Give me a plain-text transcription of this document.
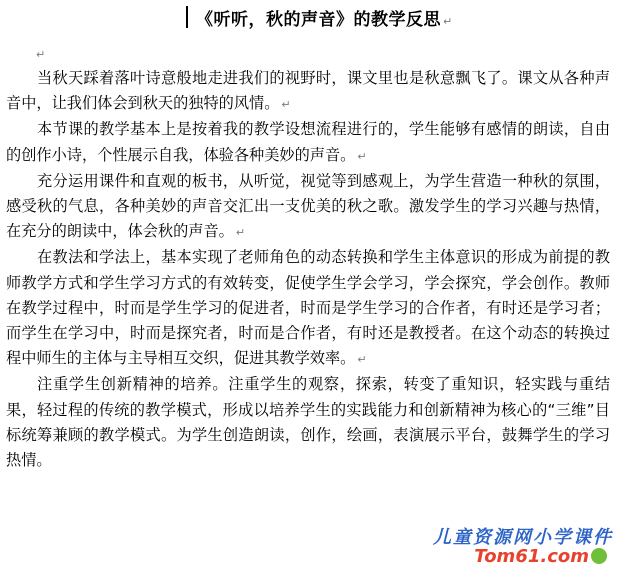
《听听，秋的声音》的教学反思 ↵
↵

当秋天踩着落叶诗意般地走进我们的视野时，课文里也是秋意飘飞了。课文从各种声音中，让我们体会到秋天的独特的风情。 ↵

本节课的教学基本上是按着我的教学设想流程进行的，学生能够有感情的朗读，自由的创作小诗，个性展示自我，体验各种美妙的声音。 ↵

充分运用课件和直观的板书，从听觉，视觉等到感观上，为学生营造一种秋的氛围，感受秋的气息，各种美妙的声音交汇出一支优美的秋之歌。激发学生的学习兴趣与热情，在充分的朗读中，体会秋的声音。 ↵

在教法和学法上，基本实现了老师角色的动态转换和学生主体意识的形成为前提的教师教学方式和学生学习方式的有效转变，促使学生学会学习，学会探究，学会创作。教师在教学过程中，时而是学生学习的促进者，时而是学生学习的合作者，有时还是学习者；而学生在学习中，时而是探究者，时而是合作者，有时还是教授者。在这个动态的转换过程中师生的主体与主导相互交织，促进其教学效率。 ↵

注重学生创新精神的培养。注重学生的观察，探索，转变了重知识，轻实践与重结果，轻过程的传统的教学模式，形成以培养学生的实践能力和创新精神为核心的“三维”目标统筹兼顾的教学模式。为学生创造朗读，创作，绘画，表演展示平台，鼓舞学生的学习热情。

儿童资源网小学课件
Tom61.com
